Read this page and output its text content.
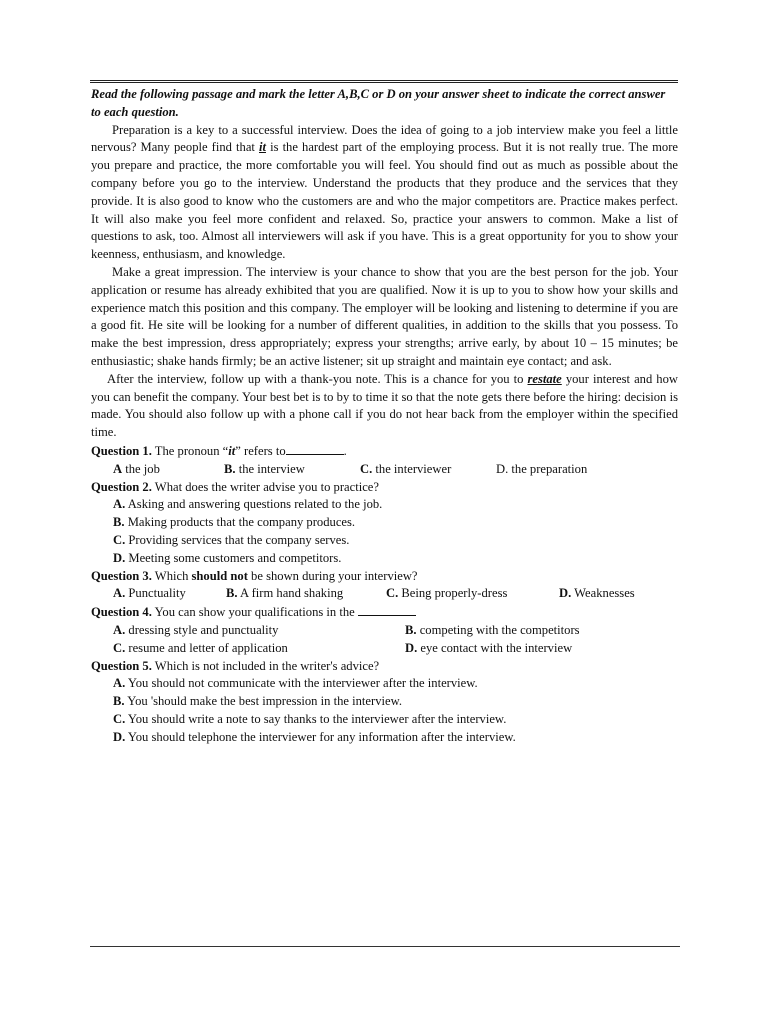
Read the following passage and mark the letter A,B,C or D on your answer sheet to indicate the correct answer to each question.

Preparation is a key to a successful interview. Does the idea of going to a job interview make you feel a little nervous? Many people find that it is the hardest part of the employing process. But it is not really true. The more you prepare and practice, the more comfortable you will feel. You should find out as much as possible about the company before you go to the interview. Understand the products that they produce and the services that they provide. It is also good to know who the customers are and who the major competitors are. Practice makes perfect. It will also make you feel more confident and relaxed. So, practice your answers to common. Make a list of questions to ask, too. Almost all interviewers will ask if you have. This is a great opportunity for you to show your keenness, enthusiasm, and knowledge.

Make a great impression. The interview is your chance to show that you are the best person for the job. Your application or resume has already exhibited that you are qualified. Now it is up to you to show how your skills and experience match this position and this company. The employer will be looking and listening to determine if you are a good fit. He site will be looking for a number of different qualities, in addition to the skills that you possess. To make the best impression, dress appropriately; express your strengths; arrive early, by about 10 – 15 minutes; be enthusiastic; shake hands firmly; be an active listener; sit up straight and maintain eye contact; and ask.

After the interview, follow up with a thank-you note. This is a chance for you to restate your interest and how you can benefit the company. Your best bet is to by to time it so that the note gets there before the hiring: decision is made. You should also follow up with a phone call if you do not hear back from the employer within the specified time.

Question 1. The pronoun “it” refers to	.

A the job	B. the interview	C. the interviewer	D. the preparation

Question 2. What does the writer advise you to practice?

A. Asking and answering questions related to the job.

B. Making products that the company produces.

C. Providing services that the company serves.

D. Meeting some customers and competitors.

Question 3. Which should not be shown during your interview?

A. Punctuality	B. A firm hand shaking	C. Being properly-dress	D. Weaknesses

Question 4. You can show your qualifications in the

A. dressing style and punctuality	B. competing with the competitors
C. resume and letter of application	D. eye contact with the interview

Question 5. Which is not included in the writer's advice?

A. You should not communicate with the interviewer after the interview.

B. You 'should make the best impression in the interview.

C. You should write a note to say thanks to the interviewer after the interview.

D. You should telephone the interviewer for any information after the interview.
